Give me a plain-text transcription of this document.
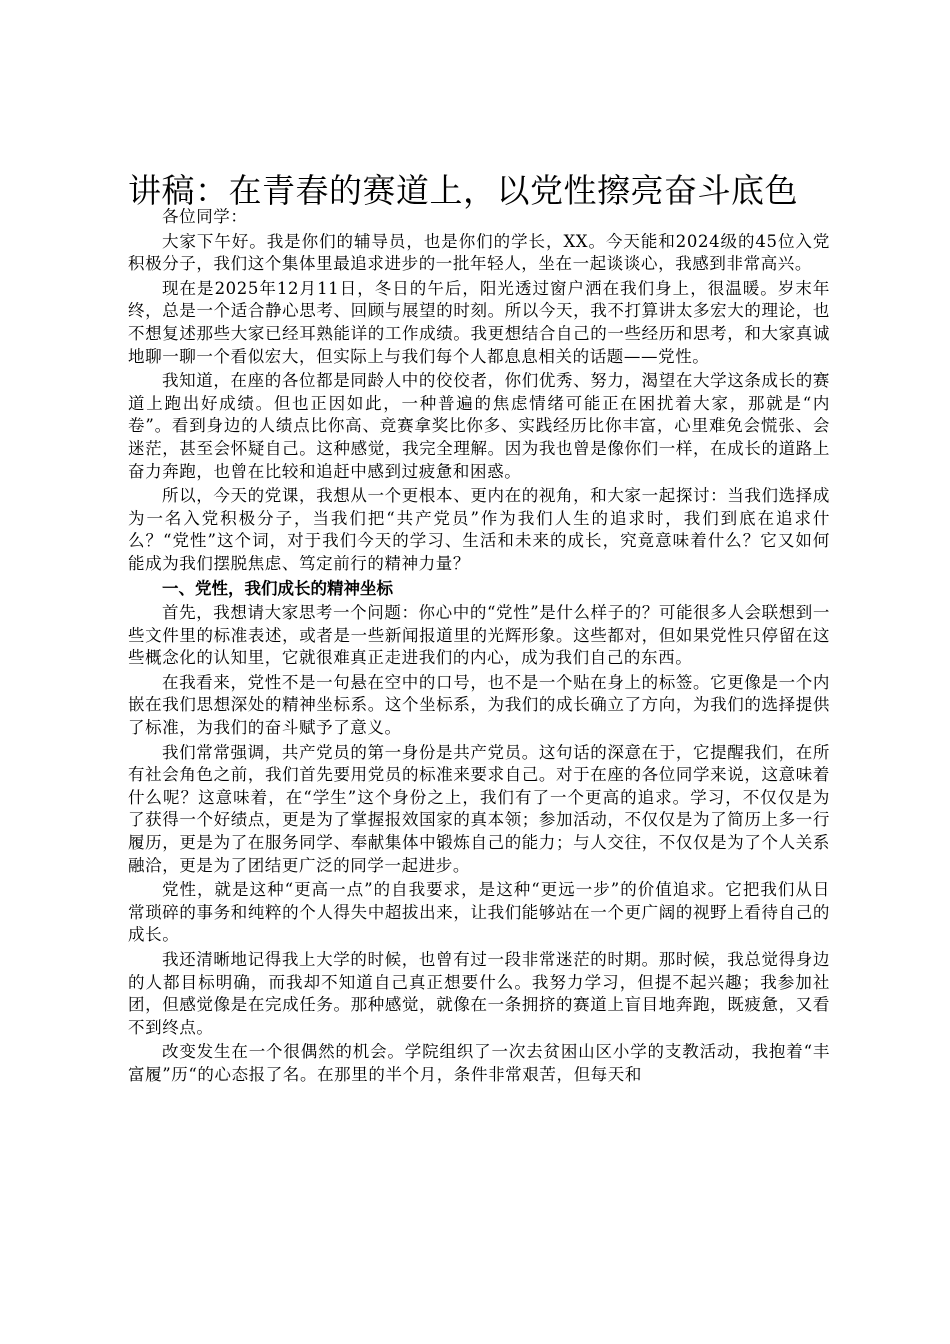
讲稿：在青春的赛道上，以党性擦亮奋斗底色

各位同学：

大家下午好。我是你们的辅导员，也是你们的学长，XX。今天能和2024级的45位入党积极分子，我们这个集体里最追求进步的一批年轻人，坐在一起谈谈心，我感到非常高兴。

现在是2025年12月11日，冬日的午后，阳光透过窗户洒在我们身上，很温暖。岁末年终，总是一个适合静心思考、回顾与展望的时刻。所以今天，我不打算讲太多宏大的理论，也不想复述那些大家已经耳熟能详的工作成绩。我更想结合自己的一些经历和思考，和大家真诚地聊一聊一个看似宏大，但实际上与我们每个人都息息相关的话题——党性。

我知道，在座的各位都是同龄人中的佼佼者，你们优秀、努力，渴望在大学这条成长的赛道上跑出好成绩。但也正因如此，一种普遍的焦虑情绪可能正在困扰着大家，那就是“内卷”。看到身边的人绩点比你高、竞赛拿奖比你多、实践经历比你丰富，心里难免会慌张、会迷茫，甚至会怀疑自己。这种感觉，我完全理解。因为我也曾是像你们一样，在成长的道路上奋力奔跑，也曾在比较和追赶中感到过疲惫和困惑。

所以，今天的党课，我想从一个更根本、更内在的视角，和大家一起探讨：当我们选择成为一名入党积极分子，当我们把“共产党员”作为我们人生的追求时，我们到底在追求什么？“党性”这个词，对于我们今天的学习、生活和未来的成长，究竟意味着什么？它又如何能成为我们摆脱焦虑、笃定前行的精神力量？

一、党性，我们成长的精神坐标

首先，我想请大家思考一个问题：你心中的“党性”是什么样子的？可能很多人会联想到一些文件里的标准表述，或者是一些新闻报道里的光辉形象。这些都对，但如果党性只停留在这些概念化的认知里，它就很难真正走进我们的内心，成为我们自己的东西。

在我看来，党性不是一句悬在空中的口号，也不是一个贴在身上的标签。它更像是一个内嵌在我们思想深处的精神坐标系。这个坐标系，为我们的成长确立了方向，为我们的选择提供了标准，为我们的奋斗赋予了意义。

我们常常强调，共产党员的第一身份是共产党员。这句话的深意在于，它提醒我们，在所有社会角色之前，我们首先要用党员的标准来要求自己。对于在座的各位同学来说，这意味着什么呢？这意味着，在“学生”这个身份之上，我们有了一个更高的追求。学习，不仅仅是为了获得一个好绩点，更是为了掌握报效国家的真本领；参加活动，不仅仅是为了简历上多一行履历，更是为了在服务同学、奉献集体中锻炼自己的能力；与人交往，不仅仅是为了个人关系融洽，更是为了团结更广泛的同学一起进步。

党性，就是这种“更高一点”的自我要求，是这种“更远一步”的价值追求。它把我们从日常琐碎的事务和纯粹的个人得失中超拔出来，让我们能够站在一个更广阔的视野上看待自己的成长。

我还清晰地记得我上大学的时候，也曾有过一段非常迷茫的时期。那时候，我总觉得身边的人都目标明确，而我却不知道自己真正想要什么。我努力学习，但提不起兴趣；我参加社团，但感觉像是在完成任务。那种感觉，就像在一条拥挤的赛道上盲目地奔跑，既疲惫，又看不到终点。

改变发生在一个很偶然的机会。学院组织了一次去贫困山区小学的支教活动，我抱着“丰富履”历“的心态报了名。在那里的半个月，条件非常艰苦，但每天和
